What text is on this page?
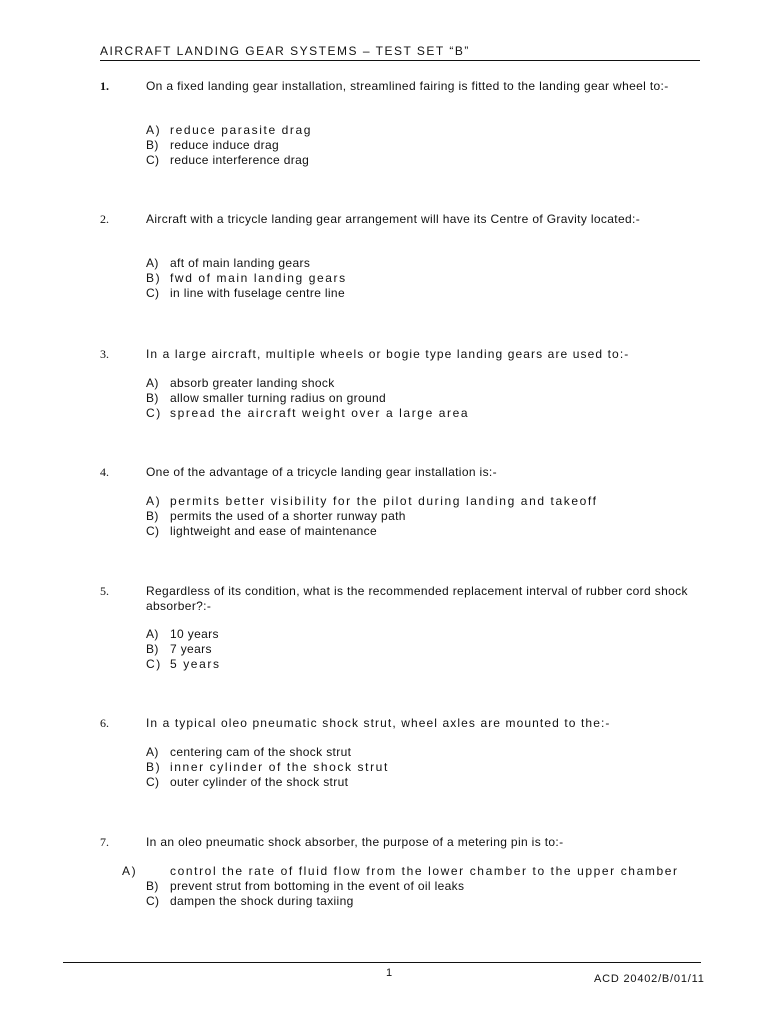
AIRCRAFT LANDING GEAR SYSTEMS – TEST SET “B”
1.	On a fixed landing gear installation, streamlined fairing is fitted to the landing gear wheel to:-
A) reduce parasite drag
B) reduce induce drag
C) reduce interference drag
2.	Aircraft with a tricycle landing gear arrangement will have its Centre of Gravity located:-
A) aft of main landing gears
B) fwd of main landing gears
C) in line with fuselage centre line
3.	In a large aircraft, multiple wheels or bogie type landing gears are used to:-
A) absorb greater landing shock
B) allow smaller turning radius on ground
C) spread the aircraft weight over a large area
4.	One of the advantage of a tricycle landing gear installation is:-
A) permits better visibility for the pilot during landing and takeoff
B) permits the used of a shorter runway path
C) lightweight and ease of maintenance
5.	Regardless of its condition, what is the recommended replacement interval of rubber cord shock absorber?:-
A) 10 years
B) 7 years
C) 5 years
6.	In a typical oleo pneumatic shock strut, wheel axles are mounted to the:-
A) centering cam of the shock strut
B) inner cylinder of the shock strut
C) outer cylinder of the shock strut
7.	In an oleo pneumatic shock absorber, the purpose of a metering pin is to:-
A)	control the rate of fluid flow from the lower chamber to the upper chamber
B) prevent strut from bottoming in the event of oil leaks
C) dampen the shock during taxiing
1	ACD 20402/B/01/11
